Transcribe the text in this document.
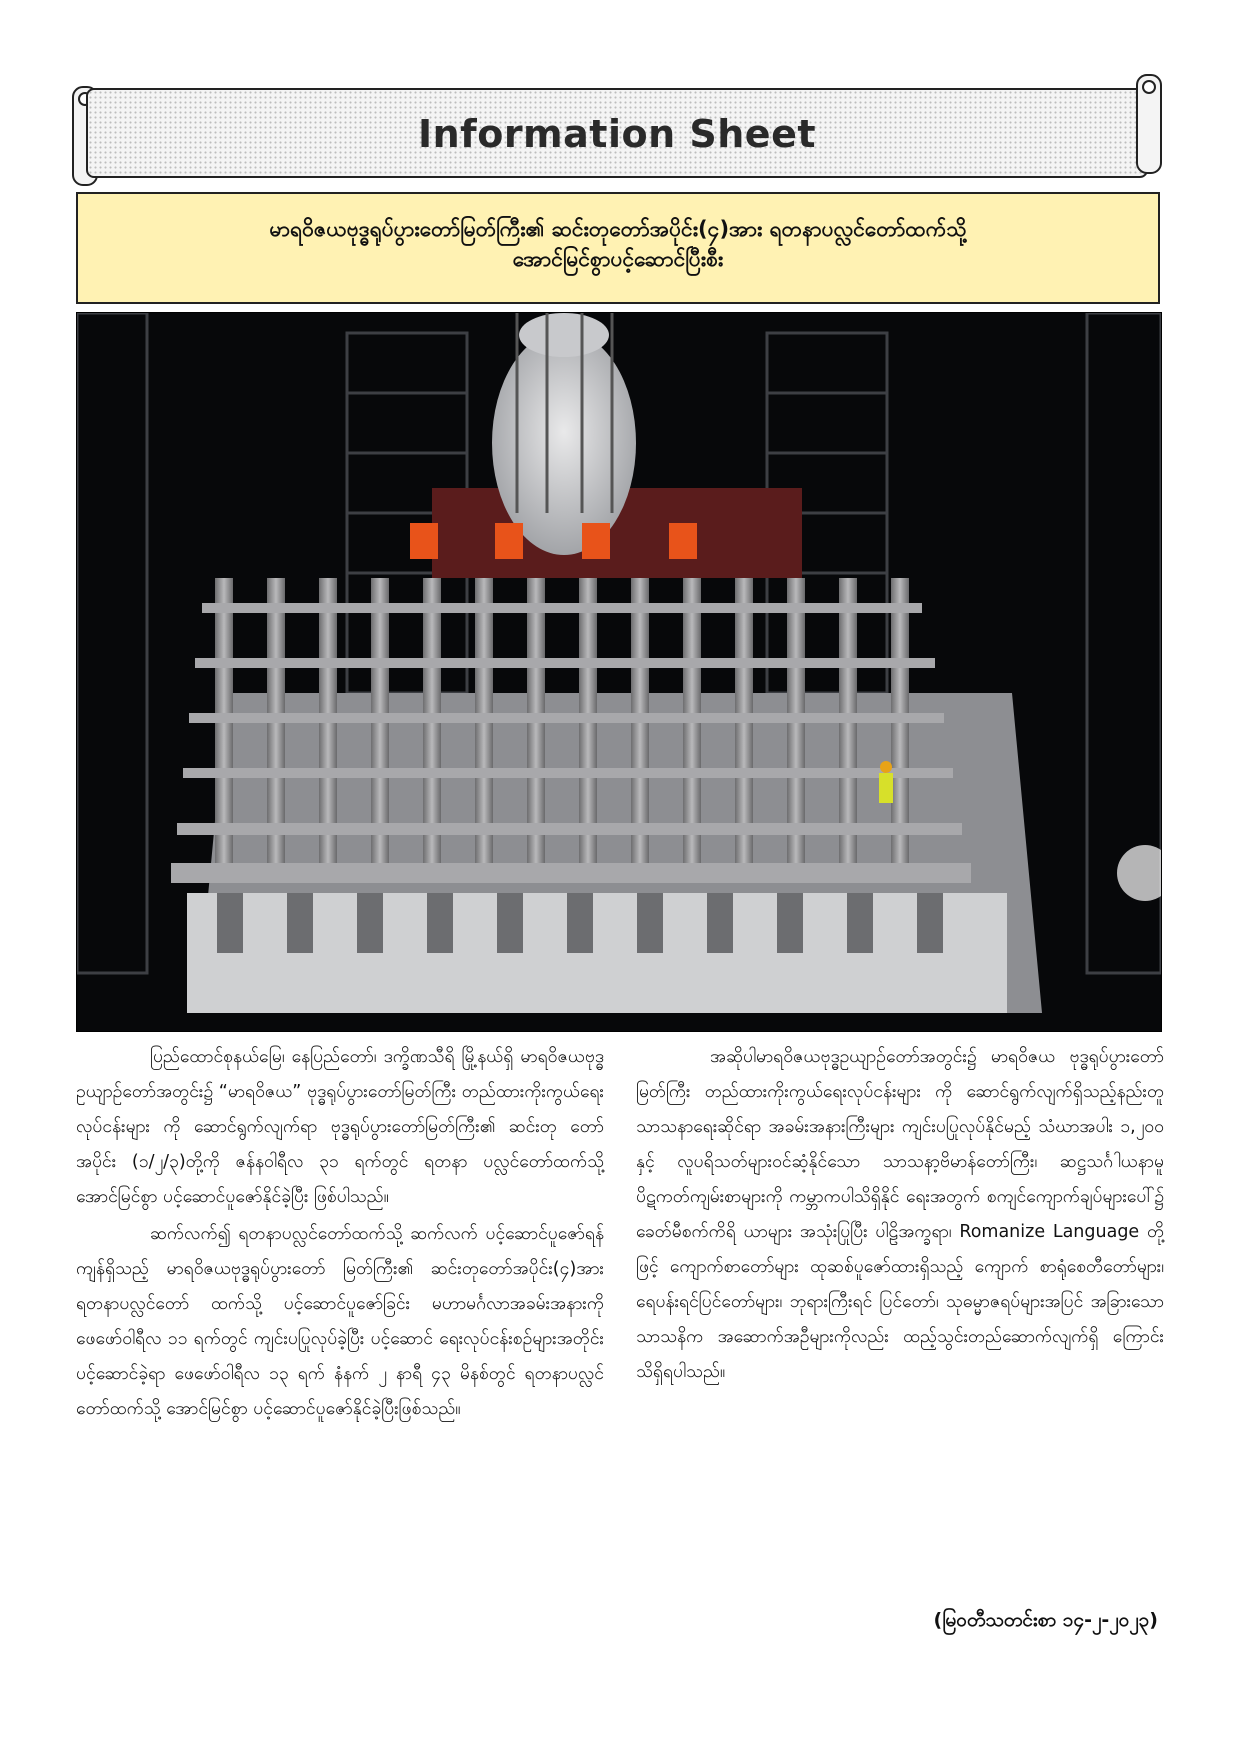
Information Sheet
မာရဝိဇယဗုဒ္ဓရုပ်ပွားတော်မြတ်ကြီး၏ ဆင်းတုတော်အပိုင်း(၄)အား ရတနာပလ္လင်တော်ထက်သို့
အောင်မြင်စွာပင့်ဆောင်ပြီးစီး

ပြည်ထောင်စုနယ်မြေ၊ နေပြည်တော်၊ ဒက္ခိဏသီရိ မြို့နယ်ရှိ မာရဝိဇယဗုဒ္ဓ ဥယျာဉ်တော်အတွင်း၌ “မာရဝိဇယ” ဗုဒ္ဓရုပ်ပွားတော်မြတ်ကြီး တည်ထားကိုးကွယ်ရေးလုပ်ငန်းများ ကို ဆောင်ရွက်လျက်ရာ ဗုဒ္ဓရုပ်ပွားတော်မြတ်ကြီး၏ ဆင်းတု တော်အပိုင်း (၁/၂/၃)တို့ကို ဇန်နဝါရီလ ၃၁ ရက်တွင် ရတနာ ပလ္လင်တော်ထက်သို့ အောင်မြင်စွာ ပင့်ဆောင်ပူဇော်နိုင်ခဲ့ပြီး ဖြစ်ပါသည်။

ဆက်လက်၍ ရတနာပလ္လင်တော်ထက်သို့ ဆက်လက် ပင့်ဆောင်ပူဇော်ရန် ကျန်ရှိသည့် မာရဝိဇယဗုဒ္ဓရုပ်ပွားတော် မြတ်ကြီး၏ ဆင်းတုတော်အပိုင်း(၄)အား ရတနာပလ္လင်တော် ထက်သို့ ပင့်ဆောင်ပူဇော်ခြင်း မဟာမင်္ဂလာအခမ်းအနားကို ဖေဖော်ဝါရီလ ၁၁ ရက်တွင် ကျင်းပပြုလုပ်ခဲ့ပြီး ပင့်ဆောင် ရေးလုပ်ငန်းစဉ်များအတိုင်း ပင့်ဆောင်ခဲ့ရာ ဖေဖော်ဝါရီလ ၁၃ ရက် နံနက် ၂ နာရီ ၄၃ မိနစ်တွင် ရတနာပလ္လင်တော်ထက်သို့ အောင်မြင်စွာ ပင့်ဆောင်ပူဇော်နိုင်ခဲ့ပြီးဖြစ်သည်။

အဆိုပါမာရဝိဇယဗုဒ္ဓဥယျာဉ်တော်အတွင်း၌ မာရဝိဇယ ဗုဒ္ဓရုပ်ပွားတော်မြတ်ကြီး တည်ထားကိုးကွယ်ရေးလုပ်ငန်းများ ကို ဆောင်ရွက်လျက်ရှိသည့်နည်းတူ သာသနာရေးဆိုင်ရာ အခမ်းအနားကြီးများ ကျင်းပပြုလုပ်နိုင်မည့် သံဃာအပါး ၁,၂၀၀ နှင့် လူပရိသတ်များဝင်ဆံ့နိုင်သော သာသနာ့ဗိမာန်တော်ကြီး၊ ဆဋ္ဌသင်္ဂါယနာမူ ပိဋကတ်ကျမ်းစာများကို ကမ္ဘာကပါသိရှိနိုင် ရေးအတွက် စကျင်ကျောက်ချပ်များပေါ်၌ ခေတ်မီစက်ကိရိ ယာများ အသုံးပြုပြီး ပါဠိအက္ခရာ၊ Romanize Language တို့ ဖြင့် ကျောက်စာတော်များ ထုဆစ်ပူဇော်ထားရှိသည့် ကျောက် စာရုံစေတီတော်များ၊ ရေပန်းရင်ပြင်တော်များ၊ ဘုရားကြီးရင် ပြင်တော်၊ သုဓမ္မာဇရပ်များအပြင် အခြားသောသာသနိက အဆောက်အဦများကိုလည်း ထည့်သွင်းတည်ဆောက်လျက်ရှိ ကြောင်း သိရှိရပါသည်။

(မြဝတီသတင်းစာ ၁၄-၂-၂၀၂၃)
